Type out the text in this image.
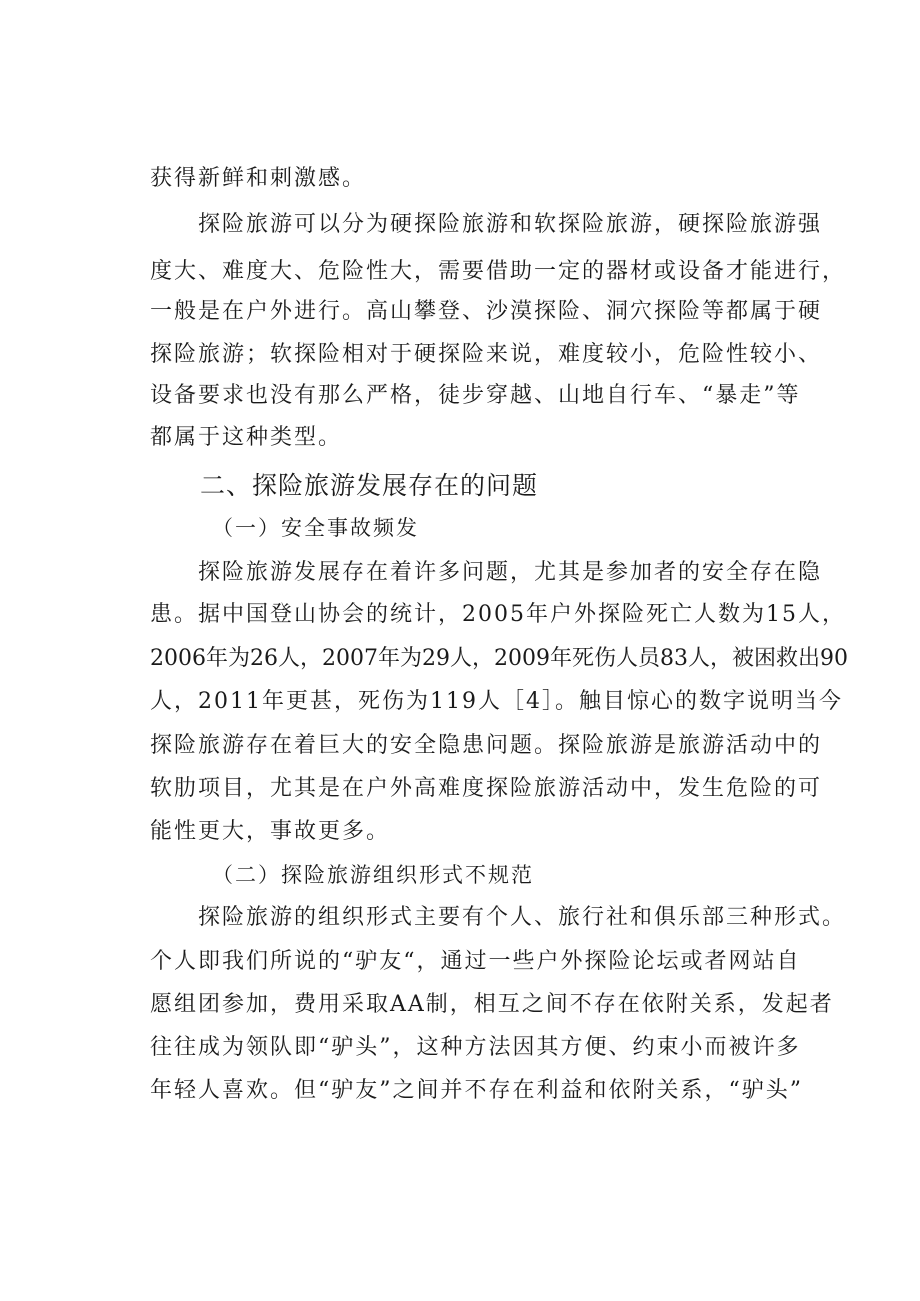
获得新鲜和刺激感。
探险旅游可以分为硬探险旅游和软探险旅游，硬探险旅游强
度大、难度大、危险性大，需要借助一定的器材或设备才能进行，
一般是在户外进行。高山攀登、沙漠探险、洞穴探险等都属于硬
探险旅游；软探险相对于硬探险来说，难度较小，危险性较小、
设备要求也没有那么严格，徒步穿越、山地自行车、“暴走”等
都属于这种类型。
二、探险旅游发展存在的问题
（一）安全事故频发
探险旅游发展存在着许多问题，尤其是参加者的安全存在隐
患。据中国登山协会的统计，2005年户外探险死亡人数为15人，
2006年为26人，2007年为29人，2009年死伤人员83人，被困救出90
人，2011年更甚，死伤为119人［4］。触目惊心的数字说明当今
探险旅游存在着巨大的安全隐患问题。探险旅游是旅游活动中的
软肋项目，尤其是在户外高难度探险旅游活动中，发生危险的可
能性更大，事故更多。
（二）探险旅游组织形式不规范
探险旅游的组织形式主要有个人、旅行社和俱乐部三种形式。
个人即我们所说的“驴友“，通过一些户外探险论坛或者网站自
愿组团参加，费用采取AA制，相互之间不存在依附关系，发起者
往往成为领队即“驴头”，这种方法因其方便、约束小而被许多
年轻人喜欢。但“驴友”之间并不存在利益和依附关系，“驴头”
